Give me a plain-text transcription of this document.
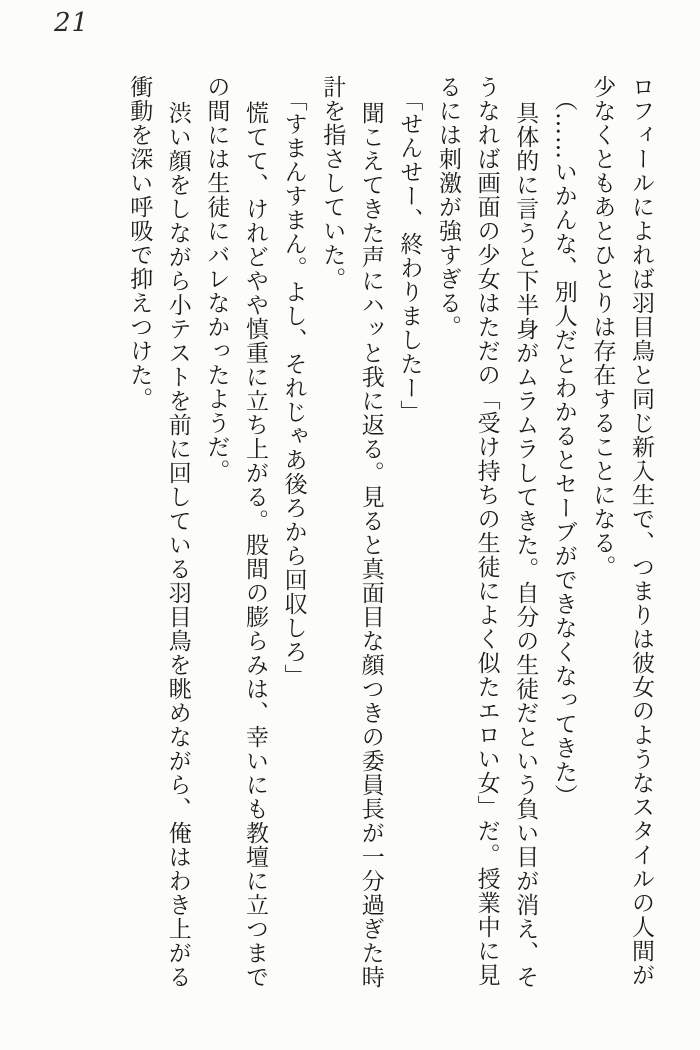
21
ロフィールによれば羽目鳥と同じ新入生で、つまりは彼女のようなスタイルの人間が
少なくともあとひとりは存在することになる。
（……いかんな、別人だとわかるとセーブができなくなってきた）
具体的に言うと下半身がムラムラしてきた。自分の生徒だという負い目が消え、そ
うなれば画面の少女はただの「受け持ちの生徒によく似たエロい女」だ。授業中に見
るには刺激が強すぎる。
「せんせー、終わりましたー」
聞こえてきた声にハッと我に返る。見ると真面目な顔つきの委員長が一分過ぎた時
計を指さしていた。
「すまんすまん。よし、それじゃあ後ろから回収しろ」
慌てて、けれどやや慎重に立ち上がる。股間の膨らみは、幸いにも教壇に立つまで
の間には生徒にバレなかったようだ。
渋い顔をしながら小テストを前に回している羽目鳥を眺めながら、俺はわき上がる
衝動を深い呼吸で抑えつけた。
